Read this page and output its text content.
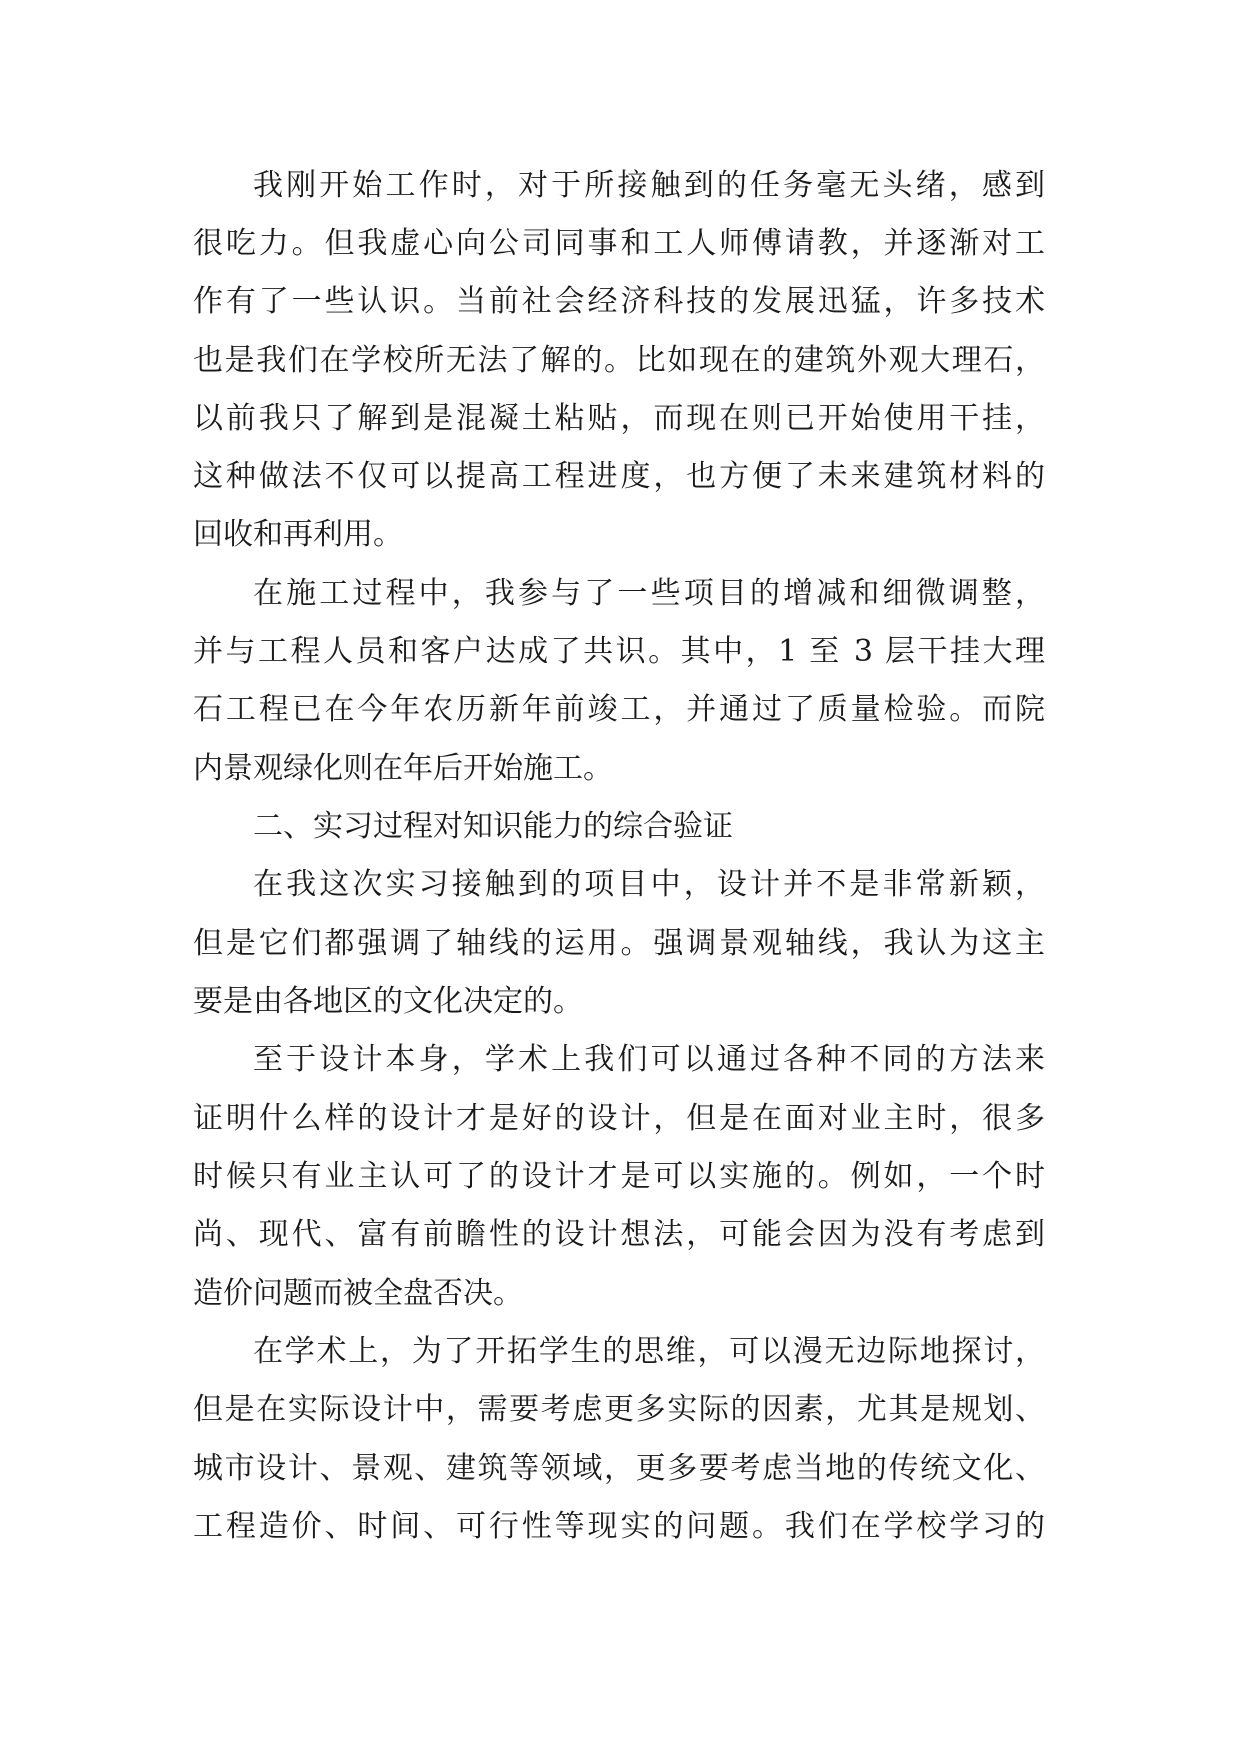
我刚开始工作时，对于所接触到的任务毫无头绪，感到
很吃力。但我虚心向公司同事和工人师傅请教，并逐渐对工
作有了一些认识。当前社会经济科技的发展迅猛，许多技术
也是我们在学校所无法了解的。比如现在的建筑外观大理石，
以前我只了解到是混凝土粘贴，而现在则已开始使用干挂，
这种做法不仅可以提高工程进度，也方便了未来建筑材料的
回收和再利用。
在施工过程中，我参与了一些项目的增减和细微调整，
并与工程人员和客户达成了共识。其中，1 至 3 层干挂大理
石工程已在今年农历新年前竣工，并通过了质量检验。而院
内景观绿化则在年后开始施工。
二、实习过程对知识能力的综合验证
在我这次实习接触到的项目中，设计并不是非常新颖，
但是它们都强调了轴线的运用。强调景观轴线，我认为这主
要是由各地区的文化决定的。
至于设计本身，学术上我们可以通过各种不同的方法来
证明什么样的设计才是好的设计，但是在面对业主时，很多
时候只有业主认可了的设计才是可以实施的。例如，一个时
尚、现代、富有前瞻性的设计想法，可能会因为没有考虑到
造价问题而被全盘否决。
在学术上，为了开拓学生的思维，可以漫无边际地探讨，
但是在实际设计中，需要考虑更多实际的因素，尤其是规划、
城市设计、景观、建筑等领域，更多要考虑当地的传统文化、
工程造价、时间、可行性等现实的问题。我们在学校学习的
